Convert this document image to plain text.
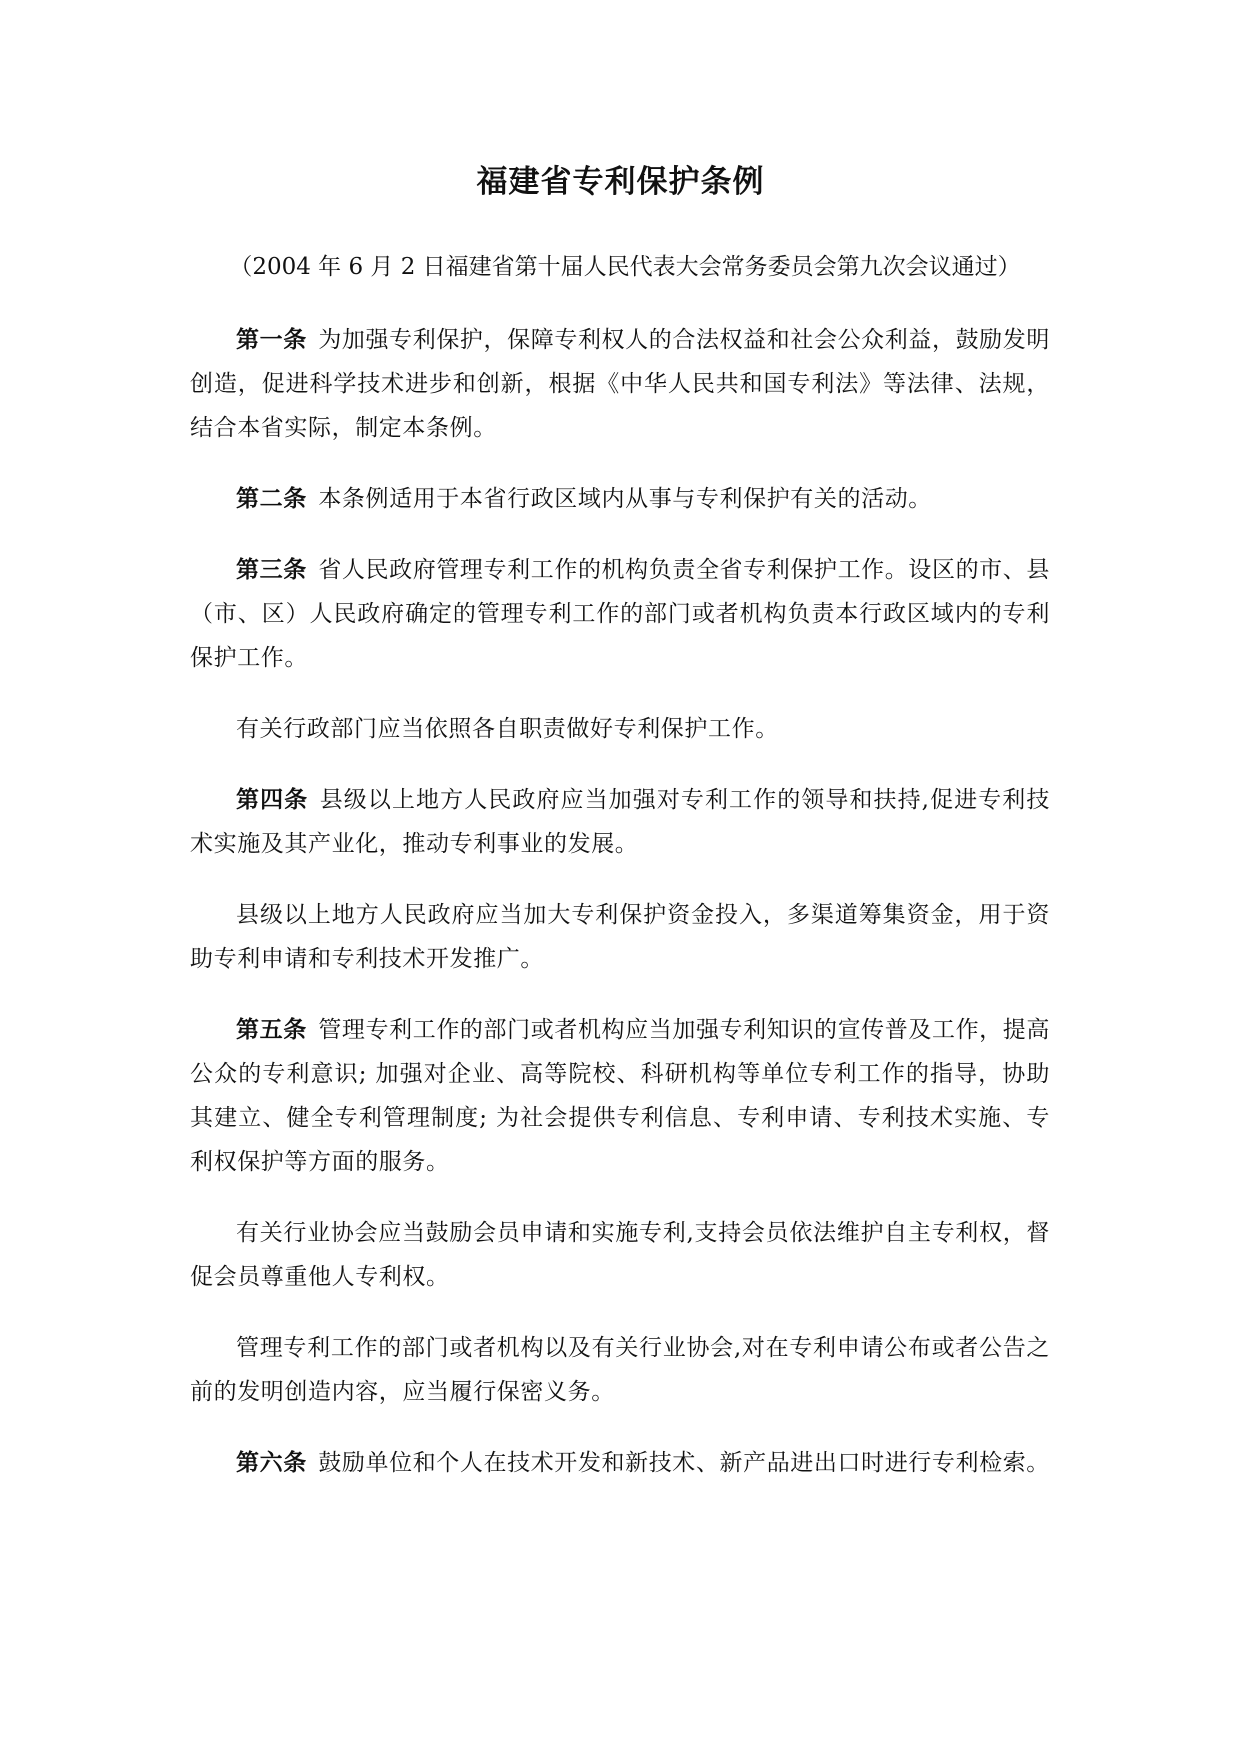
福建省专利保护条例
（2004 年 6 月 2 日福建省第十届人民代表大会常务委员会第九次会议通过）

第一条 为加强专利保护，保障专利权人的合法权益和社会公众利益，鼓励发明创造，促进科学技术进步和创新，根据《中华人民共和国专利法》等法律、法规，结合本省实际，制定本条例。

第二条 本条例适用于本省行政区域内从事与专利保护有关的活动。

第三条 省人民政府管理专利工作的机构负责全省专利保护工作。设区的市、县（市、区）人民政府确定的管理专利工作的部门或者机构负责本行政区域内的专利保护工作。

有关行政部门应当依照各自职责做好专利保护工作。

第四条 县级以上地方人民政府应当加强对专利工作的领导和扶持,促进专利技术实施及其产业化，推动专利事业的发展。

县级以上地方人民政府应当加大专利保护资金投入，多渠道筹集资金，用于资助专利申请和专利技术开发推广。

第五条 管理专利工作的部门或者机构应当加强专利知识的宣传普及工作，提高公众的专利意识; 加强对企业、高等院校、科研机构等单位专利工作的指导，协助其建立、健全专利管理制度; 为社会提供专利信息、专利申请、专利技术实施、专利权保护等方面的服务。

有关行业协会应当鼓励会员申请和实施专利,支持会员依法维护自主专利权，督促会员尊重他人专利权。

管理专利工作的部门或者机构以及有关行业协会,对在专利申请公布或者公告之前的发明创造内容，应当履行保密义务。

第六条 鼓励单位和个人在技术开发和新技术、新产品进出口时进行专利检索。
